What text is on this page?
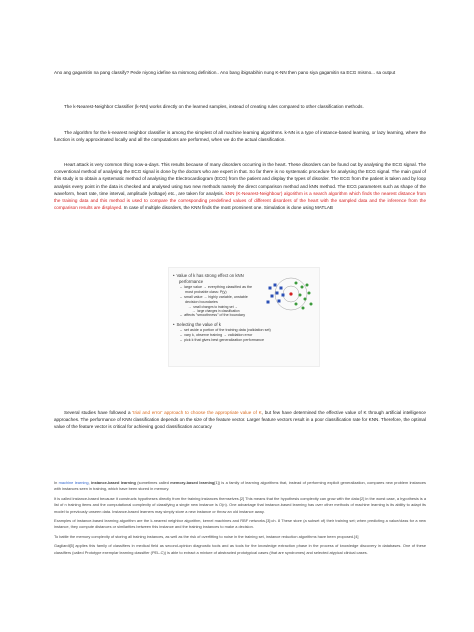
Ano ang gagamitin na pang classify? Pede niyong idefine sa mismong definition.. Ano bang ibigsabihin nung K-NN then pano siya gagamitin sa ECG mismo... sa output

The k-Nearest-Neighbor Classifier (k-NN) works directly on the learned samples, instead of creating rules compared to other classification methods.

The algorithm for the k-nearest neighbor classifier is among the simplest of all machine learning algorithms. k-NN is a type of instance-based learning, or lazy learning, where the function is only approximated locally and all the computations are performed, when we do the actual classification.

Heart attack is very common thing now-a-days. This results because of many disorders occurring in the heart. These disorders can be found out by analysing the ECG signal. The conventional method of analysing the ECG signal is done by the doctors who are expert in that. So far there is no systematic procedure for analysing the ECG signal. The main goal of this study is to obtain a systematic method of analysing the Electrocardiogram (ECG) from the patient and display the types of disorder. The ECG from the patient is taken and by loop analysis every point in the data is checked and analysed using two new methods namely the direct comparison method and kNN method. The ECG parameters such as shape of the waveform, heart rate, time interval, amplitude (voltage) etc., are taken for analysis. kNN (K-Nearest-Neighbour) algorithm is a search algorithm which finds the nearest distance from the training data and this method is used to compare the corresponding predefined values of different disorders of the heart with the sampled data and the inference from the comparison results are displayed. In case of multiple disorders, the KNN finds the most prominent one. Simulation is done using MATLAB

• Value of k has strong effect on kNN performance
– large value → everything classified as the most probable class: P(y)
– small value → highly variable, unstable decision boundaries
→ small changes to training set →
→ large changes in classification
– affects "smoothness" of the boundary
• Selecting the value of k
– set aside a portion of the training data (validation set)
– vary k, observe training → validation error
– pick k that gives best generalization performance

Several studies have followed a 'trial and error' approach to choose the appropriate value of K, but few have determined the effective value of K through artificial intelligence approaches. The performance of KNN classification depends on the size of the feature vector. Larger feature vectors result in a poor classification rate for KNN. Therefore, the optimal value of the feature vector is critical for achieving good classification accuracy

In machine learning, instance-based learning (sometimes called memory-based learning[1]) is a family of learning algorithms that, instead of performing explicit generalization, compares new problem instances with instances seen in training, which have been stored in memory.

It is called instance-based because it constructs hypotheses directly from the training instances themselves.[2] This means that the hypothesis complexity can grow with the data:[2] in the worst case, a hypothesis is a list of n training items and the computational complexity of classifying a single new instance is O(n). One advantage that instance-based learning has over other methods of machine learning is its ability to adapt its model to previously unseen data. Instance-based learners may simply store a new instance or throw an old instance away.

Examples of instance-based learning algorithm are the k-nearest neighbor algorithm, kernel machines and RBF networks.[3]:ch. 8 These store (a subset of) their training set; when predicting a value/class for a new instance, they compute distances or similarities between this instance and the training instances to make a decision.

To battle the memory complexity of storing all training instances, as well as the risk of overfitting to noise in the training set, instance reduction algorithms have been proposed.[4]

Gagliardi[5] applies this family of classifiers in medical field as second-opinion diagnostic tools and as tools for the knowledge extraction phase in the process of knowledge discovery in databases. One of these classifiers (called Prototype exemplar learning classifier (PEL-C)) is able to extract a mixture of abstracted prototypical cases (that are syndromes) and selected atypical clinical cases.
